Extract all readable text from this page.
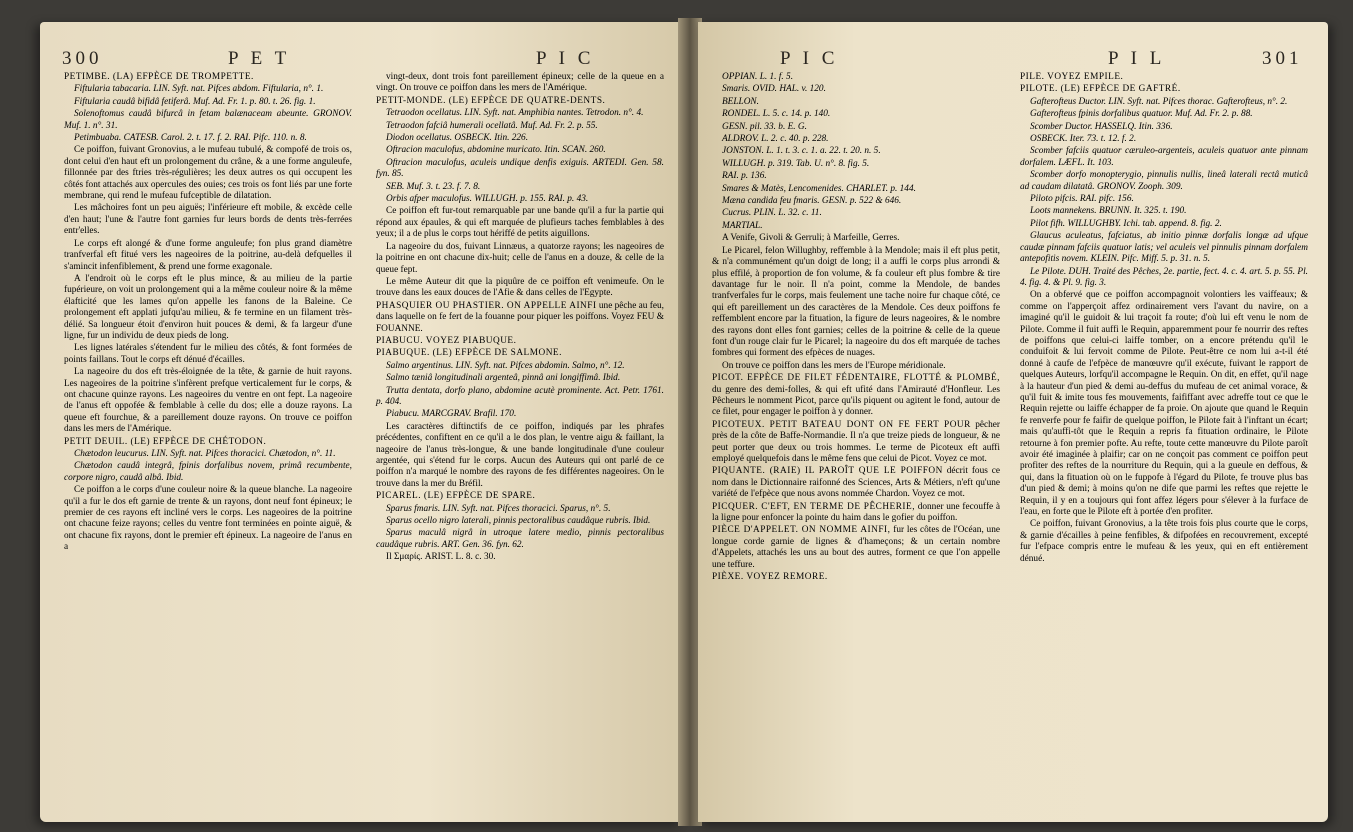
300	P E T	P I C	P I C	P I L	301

PETIMBE. (LA) EFPÈCE DE TROMPETTE.

Fiftularia tabacaria. LIN. Syft. nat. Pifces abdom. Fiftularia, n°. 1.

Fiftularia caudâ bifidâ fetiferâ. Muf. Ad. Fr. 1. p. 80. t. 26. fig. 1.

Solenoftomus caudâ bifurcâ in fetam balænaceam abeunte. GRONOV. Muf. 1. n°. 31.

Petimbuaba. CATESB. Carol. 2. t. 17. f. 2. RAI. Pifc. 110. n. 8.

Ce poiffon, fuivant Gronovius, a le mufeau tubulé, & compofé de trois os, dont celui d'en haut eft un prolongement du crâne, & a une forme anguleufe, fillonnée par des ftries très-régulières; les deux autres os qui occupent les côtés font attachés aux opercules des ouies; ces trois os font liés par une forte membrane, qui rend le mufeau fufceptible de dilatation.

Les mâchoires font un peu aiguës; l'inférieure eft mobile, & excède celle d'en haut; l'une & l'autre font garnies fur leurs bords de dents très-ferrées entr'elles.

Le corps eft alongé & d'une forme anguleufe; fon plus grand diamètre tranfverfal eft fitué vers les nageoires de la poitrine, au-delà defquelles il s'amincit infenfiblement, & prend une forme exagonale.

A l'endroit où le corps eft le plus mince, & au milieu de la partie fupérieure, on voit un prolongement qui a la même couleur noire & la même élafticité que les lames qu'on appelle les fanons de la Baleine. Ce prolongement eft applati jufqu'au milieu, & fe termine en un filament très-délié. Sa longueur étoit d'environ huit pouces & demi, & fa largeur d'une ligne, fur un individu de deux pieds de long.

Les lignes latérales s'étendent fur le milieu des côtés, & font formées de points faillans. Tout le corps eft dénué d'écailles.

La nageoire du dos eft très-éloignée de la tête, & garnie de huit rayons. Les nageoires de la poitrine s'infèrent prefque verticalement fur le corps, & ont chacune quinze rayons. Les nageoires du ventre en ont fept. La nageoire de l'anus eft oppofée & femblable à celle du dos; elle a douze rayons. La queue eft fourchue, & a pareillement douze rayons. On trouve ce poiffon dans les mers de l'Amérique.

PETIT DEUIL. (LE) EFPÈCE DE CHÉTODON.

Chætodon leucurus. LIN. Syft. nat. Pifces thoracici. Chætodon, n°. 11.

Chætodon caudâ integrâ, fpinis dorfalibus novem, primâ recumbente, corpore nigro, caudâ albâ. Ibid.

Ce poiffon a le corps d'une couleur noire & la queue blanche. La nageoire qu'il a fur le dos eft garnie de trente & un rayons, dont neuf font épineux; le premier de ces rayons eft incliné vers le corps. Les nageoires de la poitrine ont chacune feize rayons; celles du ventre font terminées en pointe aiguë, & ont chacune fix rayons, dont le premier eft épineux. La nageoire de l'anus en a

vingt-deux, dont trois font pareillement épineux; celle de la queue en a vingt. On trouve ce poiffon dans les mers de l'Amérique.

PETIT-MONDE. (LE) EFPÈCE DE QUATRE-DENTS.

Tetraodon ocellatus. LIN. Syft. nat. Amphibia nantes. Tetrodon. n°. 4.

Tetraodon fafciâ humerali ocellatâ. Muf. Ad. Fr. 2. p. 55.

Diodon ocellatus. OSBECK. Itin. 226.

Oftracion maculofus, abdomine muricato. Itin. SCAN. 260.

Oftracion maculofus, aculeis undique denfis exiguis. ARTEDI. Gen. 58. fyn. 85.

SEB. Muf. 3. t. 23. f. 7. 8.

Orbis afper maculofus. WILLUGH. p. 155. RAI. p. 43.

Ce poiffon eft fur-tout remarquable par une bande qu'il a fur la partie qui répond aux épaules, & qui eft marquée de plufieurs taches femblables à des yeux; il a de plus le corps tout hériffé de petits aiguillons.

La nageoire du dos, fuivant Linnæus, a quatorze rayons; les nageoires de la poitrine en ont chacune dix-huit; celle de l'anus en a douze, & celle de la queue fept.

Le même Auteur dit que la piquûre de ce poiffon eft venimeufe. On le trouve dans les eaux douces de l'Afie & dans celles de l'Egypte.

PHASQUIER OU PHASTIER. ON APPELLE AINFI une pêche au feu, dans laquelle on fe fert de la fouanne pour piquer les poiffons. Voyez FEU & FOUANNE.

PIABUCU. VOYEZ PIABUQUE.

PIABUQUE. (LE) EFPÈCE DE SALMONE.

Salmo argentinus. LIN. Syft. nat. Pifces abdomin. Salmo, n°. 12.

Salmo tæniâ longitudinali argenteâ, pinnâ ani longiffimâ. Ibid.

Trutta dentata, dorfo plano, abdomine acutè prominente. Act. Petr. 1761. p. 404.

Piabucu. MARCGRAV. Brafil. 170.

Les caractères diftinctifs de ce poiffon, indiqués par les phrafes précédentes, confiftent en ce qu'il a le dos plan, le ventre aigu & faillant, la nageoire de l'anus très-longue, & une bande longitudinale d'une couleur argentée, qui s'étend fur le corps. Aucun des Auteurs qui ont parlé de ce poiffon n'a marqué le nombre des rayons de fes différentes nageoires. On le trouve dans la mer du Bréfil.

PICAREL. (LE) EFPÈCE DE SPARE.

Sparus fmaris. LIN. Syft. nat. Pifces thoracici. Sparus, n°. 5.

Sparus ocello nigro laterali, pinnis pectoralibus caudâque rubris. Ibid.

Sparus maculâ nigrâ in utroque latere medio, pinnis pectoralibus caudâque rubris. ART. Gen. 36. fyn. 62.

Il Σμαρίς. ARIST. L. 8. c. 30.

OPPIAN. L. 1. f. 5.

Smaris. OVID. HAL. v. 120.

BELLON.

RONDEL. L. 5. c. 14. p. 140.

GESN. pil. 33. b. E. G.

ALDROV. L. 2. c. 40. p. 228.

JONSTON. L. 1. t. 3. c. 1. a. 22. t. 20. n. 5.

WILLUGH. p. 319. Tab. U. n°. 8. fig. 5.

RAI. p. 136.

Smares & Matès, Lencomenides. CHARLET. p. 144.

Mæna candida feu fmaris. GESN. p. 522 & 646.

Cucrus. PLIN. L. 32. c. 11.

MARTIAL.

A Venife, Givoli & Gerruli; à Marfeille, Gerres.

Le Picarel, felon Willughby, reffemble à la Mendole; mais il eft plus petit, & n'a communément qu'un doigt de long; il a auffi le corps plus arrondi & plus effilé, à proportion de fon volume, & fa couleur eft plus fombre & tire davantage fur le noir. Il n'a point, comme la Mendole, de bandes tranfverfales fur le corps, mais feulement une tache noire fur chaque côté, ce qui eft pareillement un des caractères de la Mendole. Ces deux poiffons fe reffemblent encore par la fituation, la figure de leurs nageoires, & le nombre des rayons dont elles font garnies; celles de la poitrine & celle de la queue font d'un rouge clair fur le Picarel; la nageoire du dos eft marquée de taches fombres qui forment des efpèces de nuages.

On trouve ce poiffon dans les mers de l'Europe méridionale.

PICOT. EFPÈCE DE FILET FÉDENTAIRE, FLOTTÉ & PLOMBÉ, du genre des demi-folles, & qui eft ufité dans l'Amirauté d'Honfleur. Les Pêcheurs le nomment Picot, parce qu'ils piquent ou agitent le fond, autour de ce filet, pour engager le poiffon à y donner.

PICOTEUX. PETIT BATEAU DONT ON FE FERT POUR pêcher près de la côte de Baffe-Normandie. Il n'a que treize pieds de longueur, & ne peut porter que deux ou trois hommes. Le terme de Picoteux eft auffi employé quelquefois dans le même fens que celui de Picot. Voyez ce mot.

PIQUANTE. (RAIE) IL PAROÎT QUE LE POIFFON décrit fous ce nom dans le Dictionnaire raifonné des Sciences, Arts & Métiers, n'eft qu'une variété de l'efpèce que nous avons nommée Chardon. Voyez ce mot.

PICQUER. C'EFT, EN TERME DE PÊCHERIE, donner une fecouffe à la ligne pour enfoncer la pointe du haim dans le gofier du poiffon.

PIÈCE D'APPELET. ON NOMME AINFI, fur les côtes de l'Océan, une longue corde garnie de lignes & d'hameçons; & un certain nombre d'Appelets, attachés les uns au bout des autres, forment ce que l'on appelle une teffure.

PIÈXE. VOYEZ REMORE.

PILE. VOYEZ EMPILE.

PILOTE. (LE) EFPÈCE DE GAFTRÉ.

Gafterofteus Ductor. LIN. Syft. nat. Pifces thorac. Gafterofteus, n°. 2.

Gafterofteus fpinis dorfalibus quatuor. Muf. Ad. Fr. 2. p. 88.

Scomber Ductor. HASSELQ. Itin. 336.

OSBECK. Iter. 73. t. 12. f. 2.

Scomber fafciis quatuor cæruleo-argenteis, aculeis quatuor ante pinnam dorfalem. LÆFL. It. 103.

Scomber dorfo monopterygio, pinnulis nullis, lineâ laterali rectâ muticâ ad caudam dilatatâ. GRONOV. Zooph. 309.

Piloto pifcis. RAI. pifc. 156.

Loots mannekens. BRUNN. It. 325. t. 190.

Pilot fifh. WILLUGHBY. Ichi. tab. append. 8. fig. 2.

Glaucus aculeatus, fafciatus, ab initio pinnæ dorfalis longæ ad ufque caudæ pinnam fafciis quatuor latis; vel aculeis vel pinnulis pinnam dorfalem antepofitis novem. KLEIN. Pifc. Miff. 5. p. 31. n. 5.

Le Pilote. DUH. Traité des Pêches, 2e. partie, fect. 4. c. 4. art. 5. p. 55. Pl. 4. fig. 4. & Pl. 9. fig. 3.

On a obfervé que ce poiffon accompagnoit volontiers les vaiffeaux; & comme on l'apperçoit affez ordinairement vers l'avant du navire, on a imaginé qu'il le guidoit & lui traçoit fa route; d'où lui eft venu le nom de Pilote. Comme il fuit auffi le Requin, apparemment pour fe nourrir des reftes de poiffons que celui-ci laiffe tomber, on a encore prétendu qu'il le conduifoit & lui fervoit comme de Pilote. Peut-être ce nom lui a-t-il été donné à caufe de l'efpèce de manœuvre qu'il exécute, fuivant le rapport de quelques Auteurs, lorfqu'il accompagne le Requin. On dit, en effet, qu'il nage à la hauteur d'un pied & demi au-deffus du mufeau de cet animal vorace, & qu'il fuit & imite tous fes mouvements, faififfant avec adreffe tout ce que le Requin rejette ou laiffe échapper de fa proie. On ajoute que quand le Requin fe renverfe pour fe faifir de quelque poiffon, le Pilote fait à l'inftant un écart; mais qu'auffi-tôt que le Requin a repris fa fituation ordinaire, le Pilote retourne à fon premier pofte. Au refte, toute cette manœuvre du Pilote paroît avoir été imaginée à plaifir; car on ne conçoit pas comment ce poiffon peut profiter des reftes de la nourriture du Requin, qui a la gueule en deffous, & qui, dans la fituation où on le fuppofe à l'égard du Pilote, fe trouve plus bas d'un pied & demi; à moins qu'on ne dife que parmi les reftes que rejette le Requin, il y en a toujours qui font affez légers pour s'élever à la furface de l'eau, en forte que le Pilote eft à portée d'en profiter.

Ce poiffon, fuivant Gronovius, a la tête trois fois plus courte que le corps, & garnie d'écailles à peine fenfibles, & difpofées en recouvrement, excepté fur l'efpace compris entre le mufeau & les yeux, qui en eft entièrement dénué.
